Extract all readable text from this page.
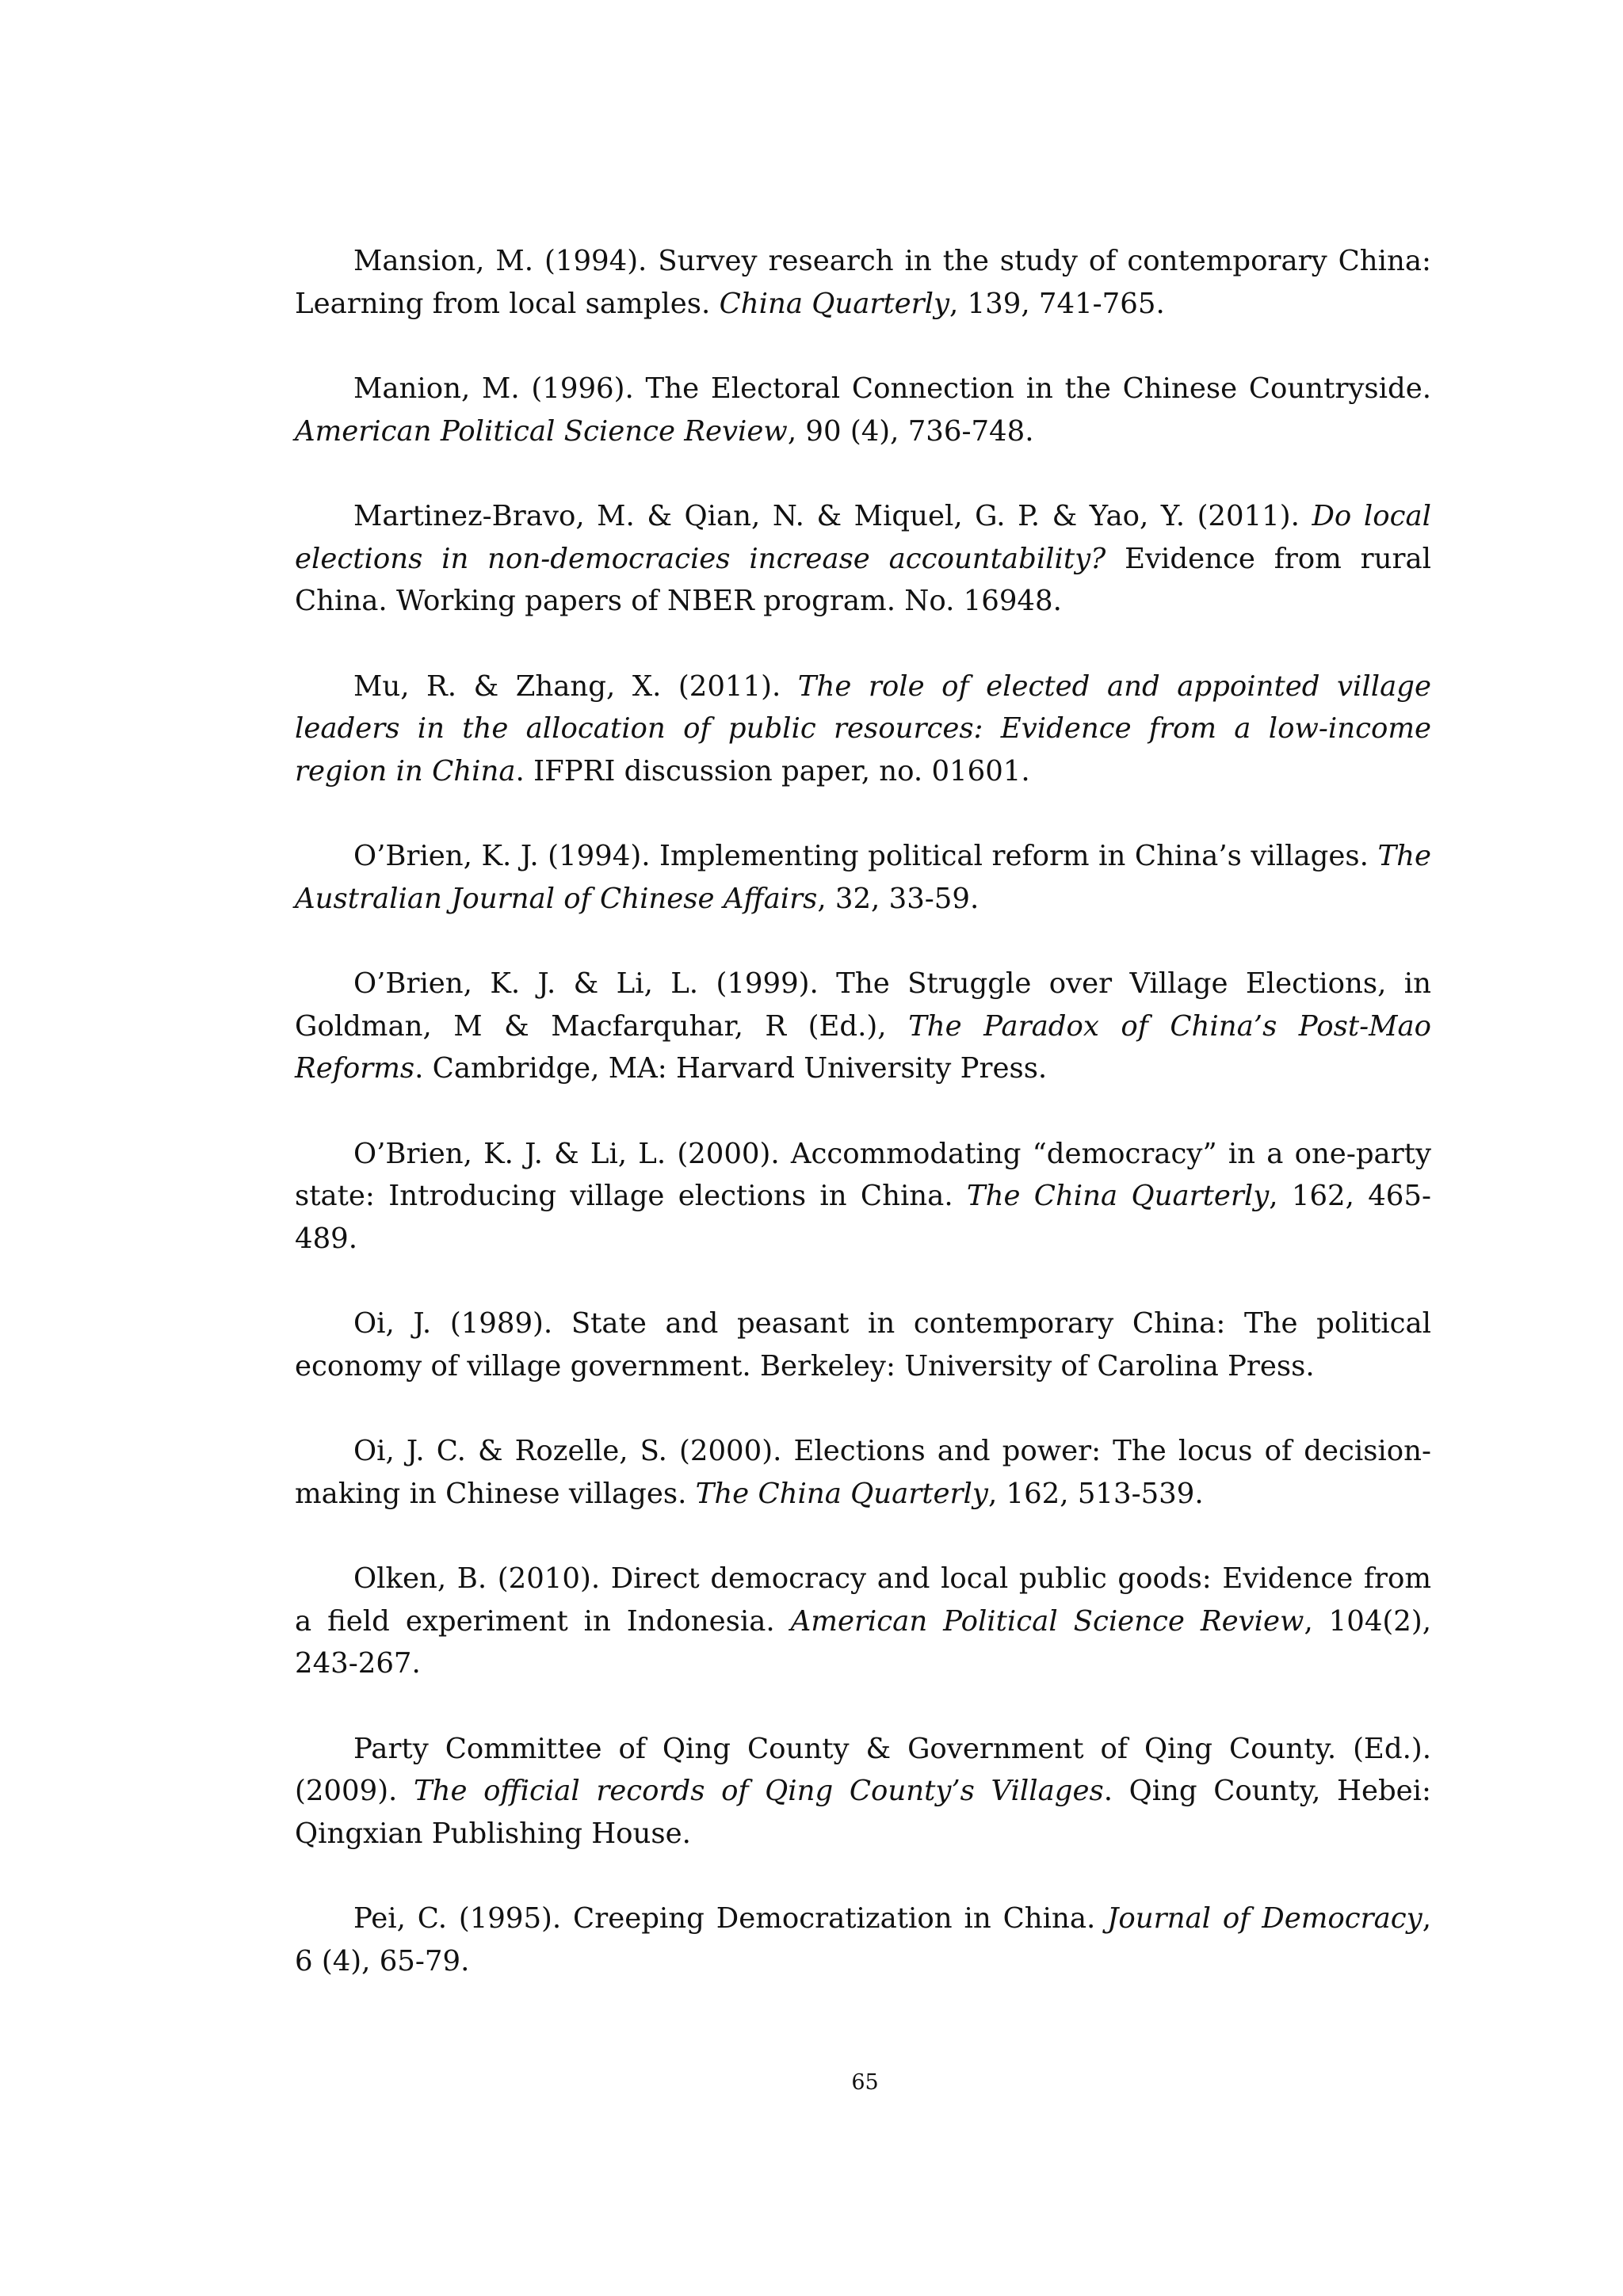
Mansion, M. (1994). Survey research in the study of contemporary China: Learning from local samples. China Quarterly, 139, 741-765.

Manion, M. (1996). The Electoral Connection in the Chinese Countryside. American Political Science Review, 90 (4), 736-748.

Martinez-Bravo, M. & Qian, N. & Miquel, G. P. & Yao, Y. (2011). Do local elections in non-democracies increase accountability? Evidence from rural China. Working papers of NBER program. No. 16948.

Mu, R. & Zhang, X. (2011). The role of elected and appointed village leaders in the allocation of public resources: Evidence from a low-income region in China. IFPRI discussion paper, no. 01601.

O’Brien, K. J. (1994). Implementing political reform in China’s villages. The Australian Journal of Chinese Affairs, 32, 33-59.

O’Brien, K. J. & Li, L. (1999). The Struggle over Village Elections, in Goldman, M & Macfarquhar, R (Ed.), The Paradox of China’s Post-Mao Reforms. Cambridge, MA: Harvard University Press.

O’Brien, K. J. & Li, L. (2000). Accommodating “democracy” in a one-party state: Introducing village elections in China. The China Quarterly, 162, 465-489.

Oi, J. (1989). State and peasant in contemporary China: The political economy of village government. Berkeley: University of Carolina Press.

Oi, J. C. & Rozelle, S. (2000). Elections and power: The locus of decision-making in Chinese villages. The China Quarterly, 162, 513-539.

Olken, B. (2010). Direct democracy and local public goods: Evidence from a field experiment in Indonesia. American Political Science Review, 104(2), 243-267.

Party Committee of Qing County & Government of Qing County. (Ed.). (2009). The official records of Qing County’s Villages. Qing County, Hebei: Qingxian Publishing House.

Pei, C. (1995). Creeping Democratization in China. Journal of Democracy, 6 (4), 65-79.

65
